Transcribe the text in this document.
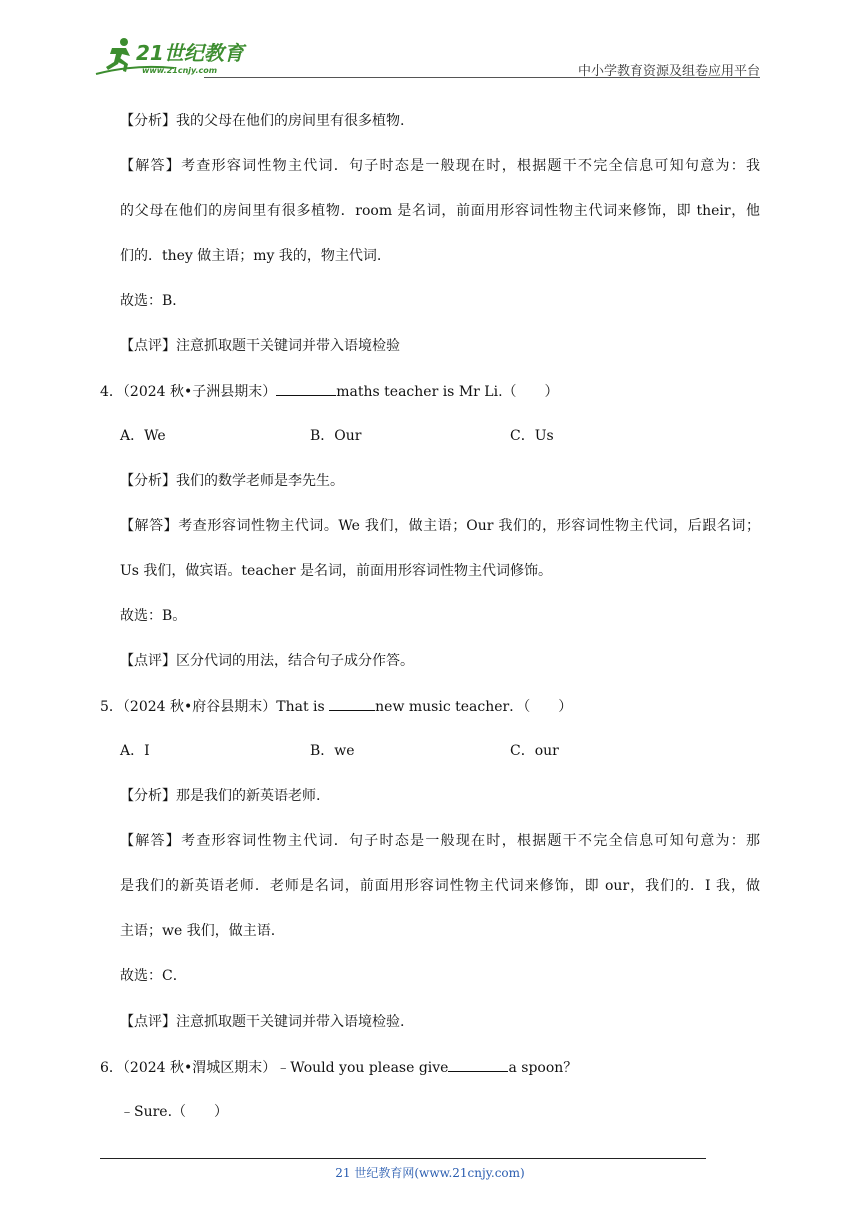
21世纪教育
www.21cnjy.com	中小学教育资源及组卷应用平台
【分析】我的父母在他们的房间里有很多植物.
【解答】考查形容词性物主代词．句子时态是一般现在时，根据题干不完全信息可知句意为：我
的父母在他们的房间里有很多植物．room 是名词，前面用形容词性物主代词来修饰，即 their，他
们的．they 做主语；my 我的，物主代词.
故选：B．
【点评】注意抓取题干关键词并带入语境检验
4．（2024 秋•子洲县期末）	maths teacher is Mr Li.（　　）
A．We	B．Our	C．Us
【分析】我们的数学老师是李先生。
【解答】考查形容词性物主代词。We 我们，做主语；Our 我们的，形容词性物主代词，后跟名词；
Us 我们，做宾语。teacher 是名词，前面用形容词性物主代词修饰。
故选：B。
【点评】区分代词的用法，结合句子成分作答。
5．（2024 秋•府谷县期末）That is	new music teacher．（　　）
A．I	B．we	C．our
【分析】那是我们的新英语老师.
【解答】考查形容词性物主代词．句子时态是一般现在时，根据题干不完全信息可知句意为：那
是我们的新英语老师．老师是名词，前面用形容词性物主代词来修饰，即 our，我们的．I 我，做
主语；we 我们，做主语.
故选：C．
【点评】注意抓取题干关键词并带入语境检验.
6．（2024 秋•渭城区期末）﹣Would you please give	a spoon？
﹣Sure.（　　）
21 世纪教育网(www.21cnjy.com)
